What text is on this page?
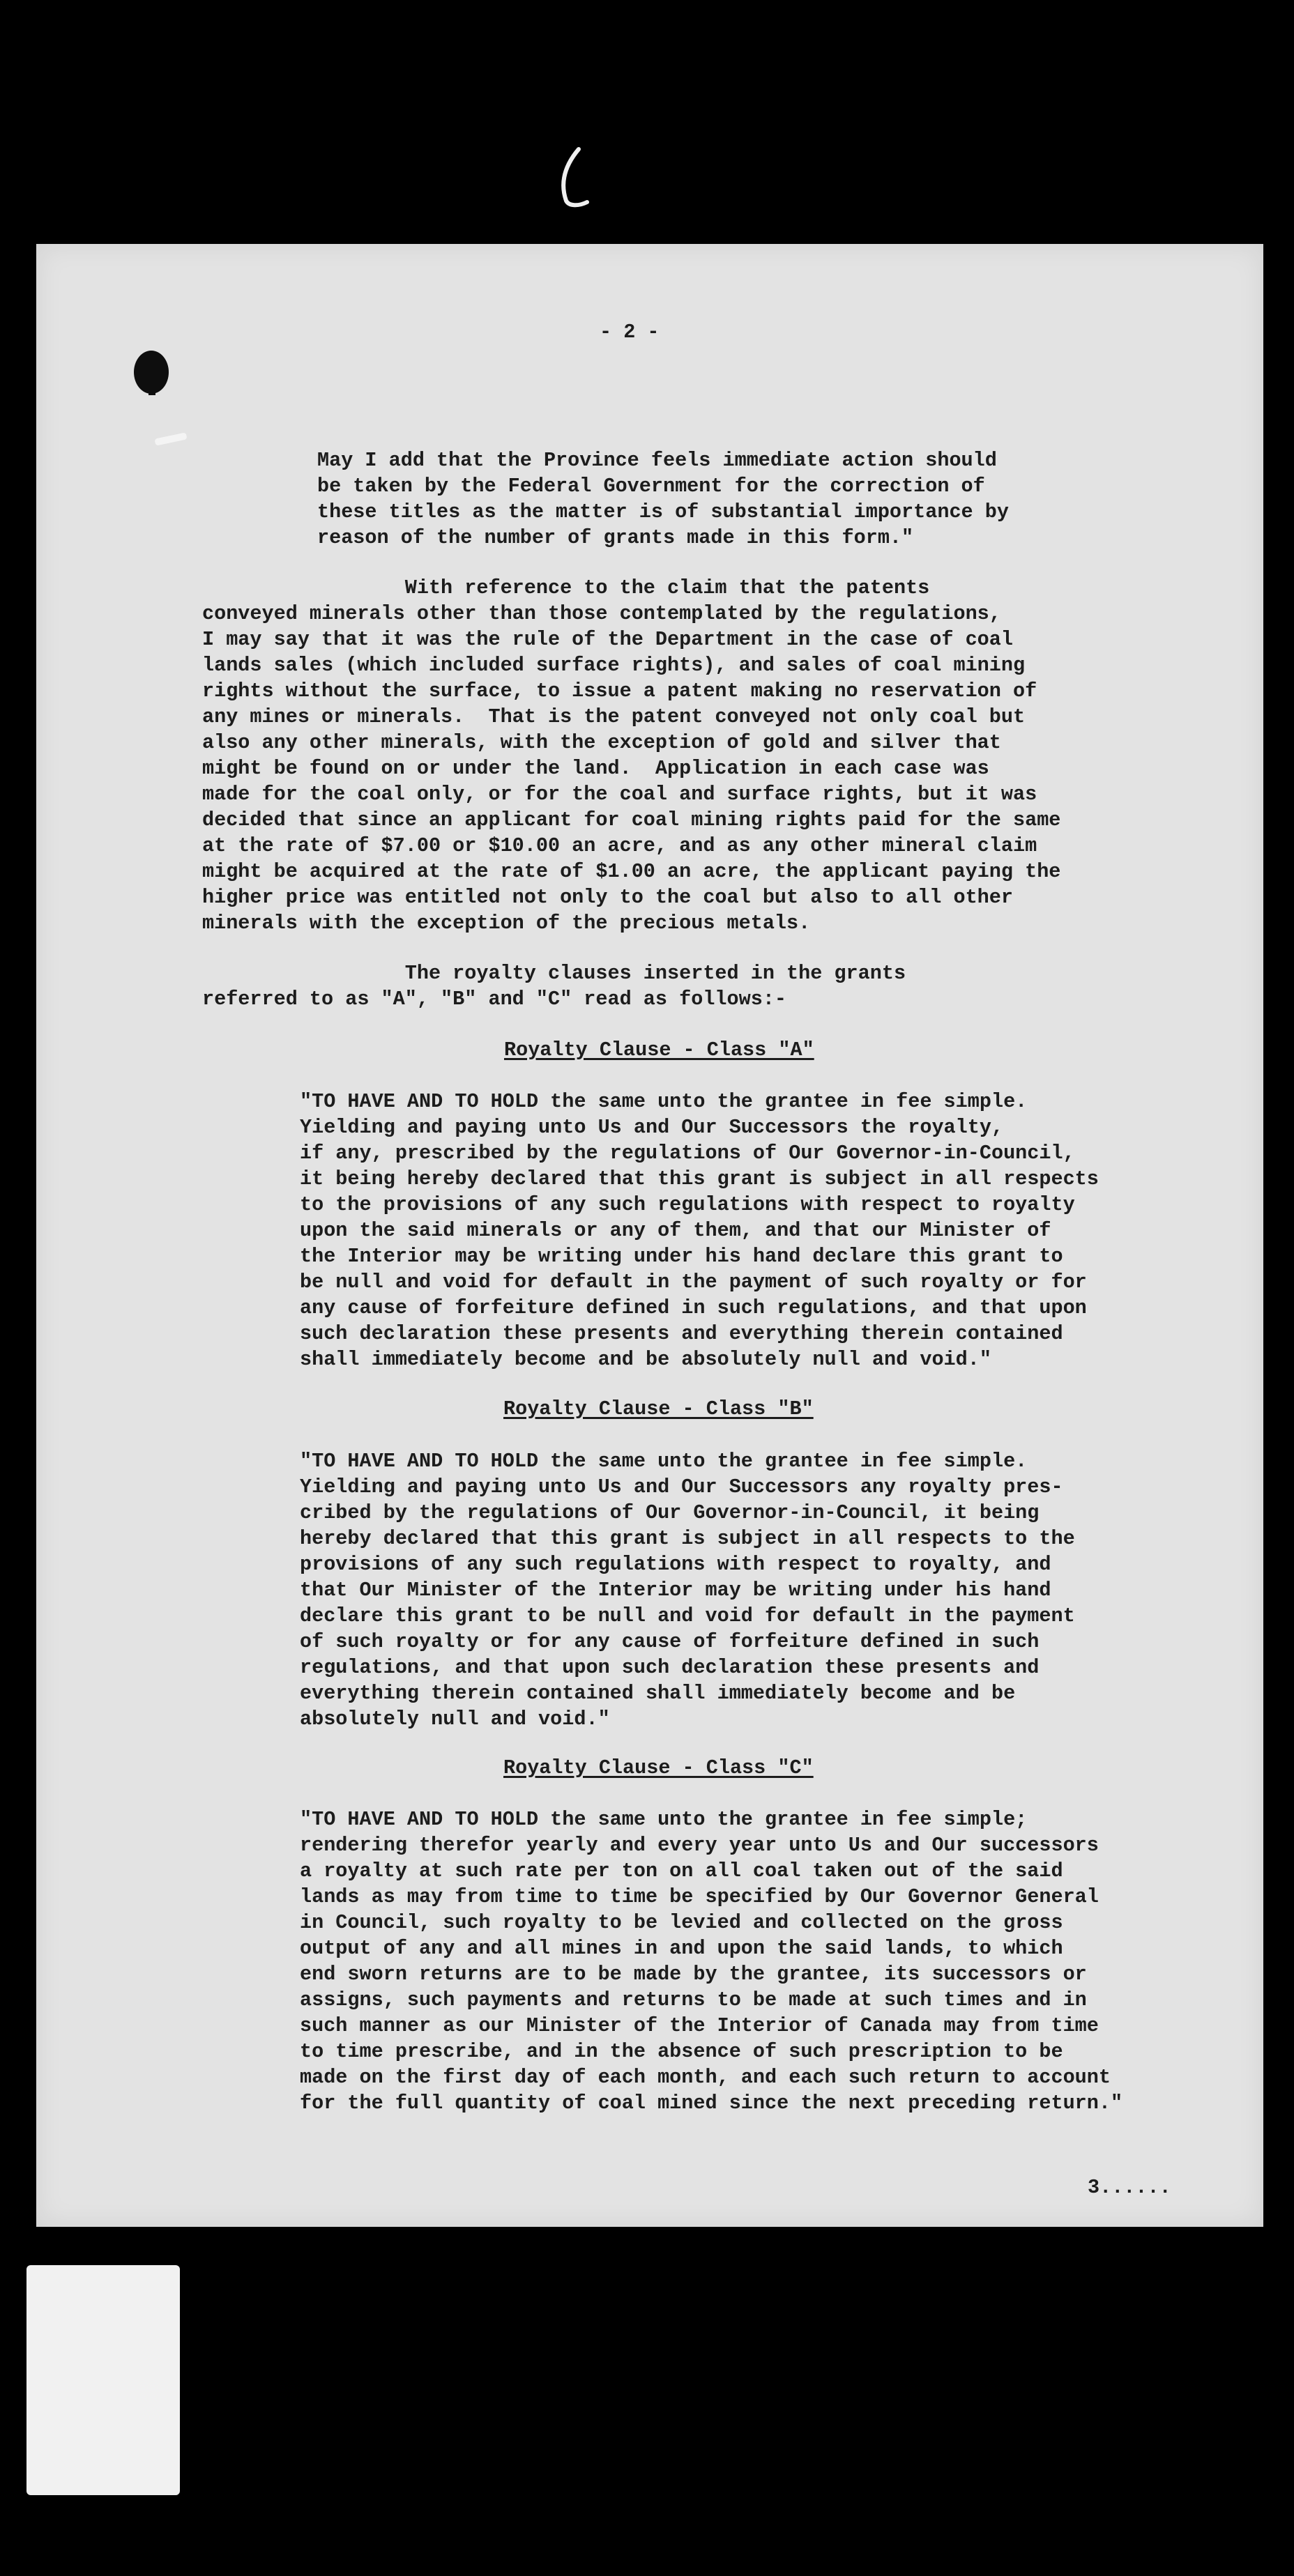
- 2 -

May I add that the Province feels immediate action should
be taken by the Federal Government for the correction of
these titles as the matter is of substantial importance by
reason of the number of grants made in this form."

With reference to the claim that the patents
conveyed minerals other than those contemplated by the regulations,
I may say that it was the rule of the Department in the case of coal
lands sales (which included surface rights), and sales of coal mining
rights without the surface, to issue a patent making no reservation of
any mines or minerals.  That is the patent conveyed not only coal but
also any other minerals, with the exception of gold and silver that
might be found on or under the land.  Application in each case was
made for the coal only, or for the coal and surface rights, but it was
decided that since an applicant for coal mining rights paid for the same
at the rate of $7.00 or $10.00 an acre, and as any other mineral claim
might be acquired at the rate of $1.00 an acre, the applicant paying the
higher price was entitled not only to the coal but also to all other
minerals with the exception of the precious metals.

The royalty clauses inserted in the grants
referred to as "A", "B" and "C" read as follows:-

Royalty Clause - Class "A"

"TO HAVE AND TO HOLD the same unto the grantee in fee simple.
Yielding and paying unto Us and Our Successors the royalty,
if any, prescribed by the regulations of Our Governor-in-Council,
it being hereby declared that this grant is subject in all respects
to the provisions of any such regulations with respect to royalty
upon the said minerals or any of them, and that our Minister of
the Interior may be writing under his hand declare this grant to
be null and void for default in the payment of such royalty or for
any cause of forfeiture defined in such regulations, and that upon
such declaration these presents and everything therein contained
shall immediately become and be absolutely null and void."

Royalty Clause - Class "B"

"TO HAVE AND TO HOLD the same unto the grantee in fee simple.
Yielding and paying unto Us and Our Successors any royalty pres-
cribed by the regulations of Our Governor-in-Council, it being
hereby declared that this grant is subject in all respects to the
provisions of any such regulations with respect to royalty, and
that Our Minister of the Interior may be writing under his hand
declare this grant to be null and void for default in the payment
of such royalty or for any cause of forfeiture defined in such
regulations, and that upon such declaration these presents and
everything therein contained shall immediately become and be
absolutely null and void."

Royalty Clause - Class "C"

"TO HAVE AND TO HOLD the same unto the grantee in fee simple;
rendering therefor yearly and every year unto Us and Our successors
a royalty at such rate per ton on all coal taken out of the said
lands as may from time to time be specified by Our Governor General
in Council, such royalty to be levied and collected on the gross
output of any and all mines in and upon the said lands, to which
end sworn returns are to be made by the grantee, its successors or
assigns, such payments and returns to be made at such times and in
such manner as our Minister of the Interior of Canada may from time
to time prescribe, and in the absence of such prescription to be
made on the first day of each month, and each such return to account
for the full quantity of coal mined since the next preceding return."

3......
